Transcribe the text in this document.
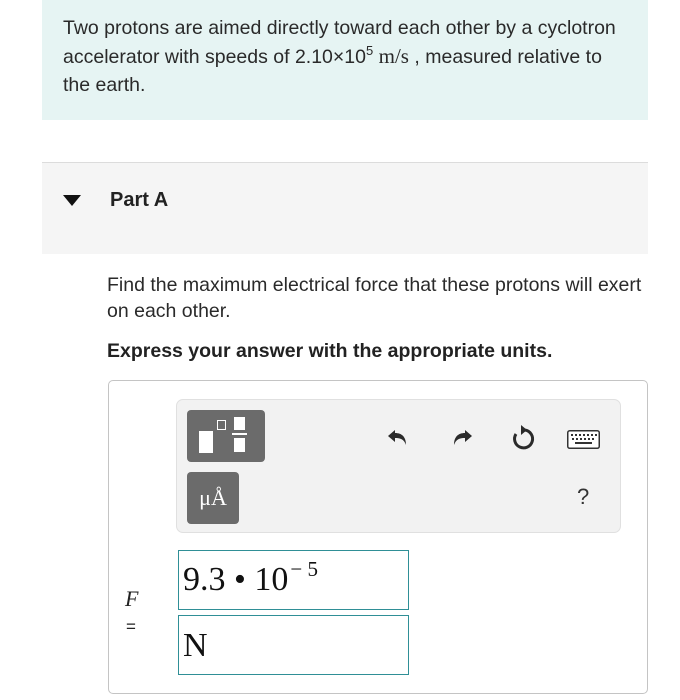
Two protons are aimed directly toward each other by a cyclotron accelerator with speeds of $2.10\times 10^5$ m/s , measured relative to the earth.
Part A
Find the maximum electrical force that these protons will exert on each other.
Express your answer with the appropriate units.
μÅ	?
F
=
9.3 • $10^{- 5}$
N
